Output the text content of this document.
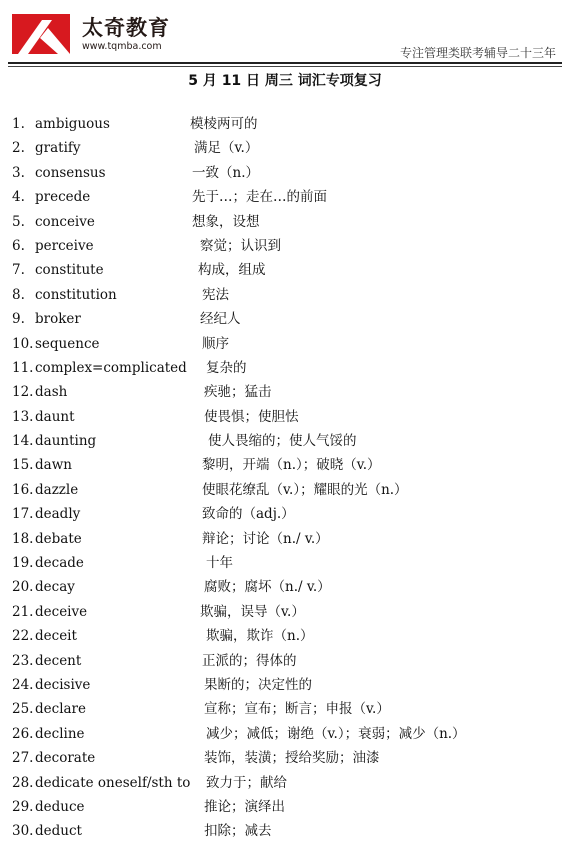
太奇教育
www.tqmba.com	专注管理类联考辅导二十三年
5 月 11 日 周三 词汇专项复习
1. ambiguous	模棱两可的
2. gratify	满足（v.）
3. consensus	一致（n.）
4. precede	先于…；走在…的前面
5. conceive	想象，设想
6. perceive	察觉；认识到
7. constitute	构成，组成
8. constitution	宪法
9. broker	经纪人
10. sequence	顺序
11. complex=complicated 复杂的
12. dash	疾驰；猛击
13. daunt	使畏惧；使胆怯
14. daunting	使人畏缩的；使人气馁的
15. dawn	黎明，开端（n.）；破晓（v.）
16. dazzle	使眼花缭乱（v.）；耀眼的光（n.）
17. deadly	致命的（adj.）
18. debate	辩论；讨论（n./ v.）
19. decade	十年
20. decay	腐败；腐坏（n./ v.）
21. deceive	欺骗，误导（v.）
22. deceit	欺骗，欺诈（n.）
23. decent	正派的；得体的
24. decisive	果断的；决定性的
25. declare	宣称；宣布；断言；申报（v.）
26. decline	减少；减低；谢绝（v.）；衰弱；减少（n.）
27. decorate	装饰，装潢；授给奖励；油漆
28. dedicate oneself/sth to 致力于；献给
29. deduce	推论；演绎出
30. deduct	扣除；减去
